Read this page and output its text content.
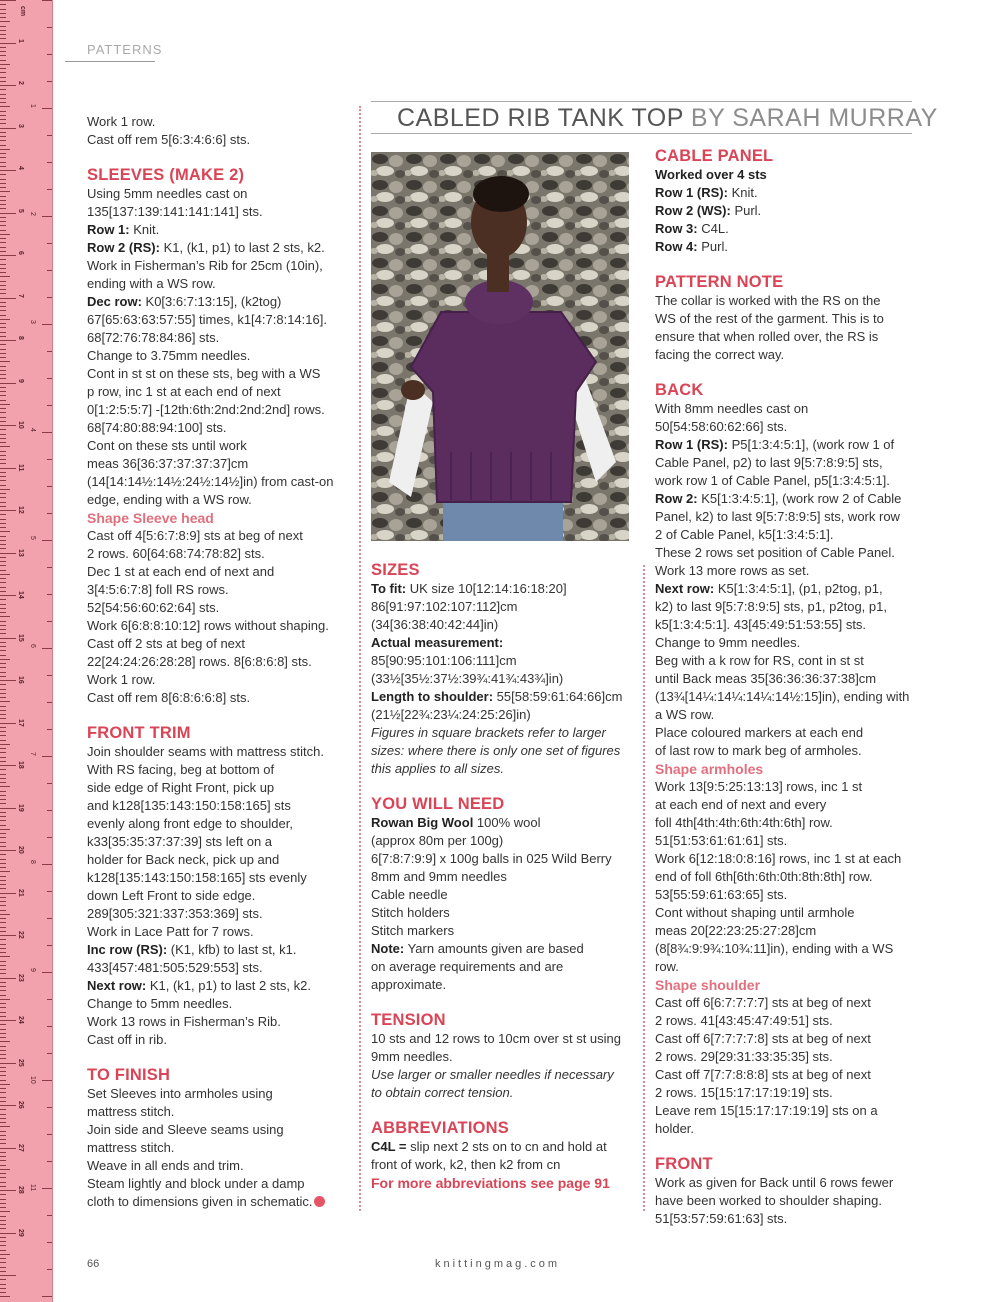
cm
1
2
3
4
5
6
7
8
9
10
11
12
13
14
15
16
17
18
19
20
21
22
23
24
25
26
27
28
29
1
2
3
4
5
6
7
8
9
10
11
PATTERNS
CABLED RIB TANK TOP BY SARAH MURRAY

Work 1 row.

Cast off rem 5[6:3:4:6:6] sts.

SLEEVES (MAKE 2)

Using 5mm needles cast on

135[137:139:141:141:141] sts.

Row 1: Knit.

Row 2 (RS): K1, (k1, p1) to last 2 sts, k2.

Work in Fisherman’s Rib for 25cm (10in),

ending with a WS row.

Dec row: K0[3:6:7:13:15], (k2tog)

67[65:63:63:57:55] times, k1[4:7:8:14:16].

68[72:76:78:84:86] sts.

Change to 3.75mm needles.

Cont in st st on these sts, beg with a WS

p row, inc 1 st at each end of next

0[1:2:5:5:7] -[12th:6th:2nd:2nd:2nd] rows.

68[74:80:88:94:100] sts.

Cont on these sts until work

meas 36[36:37:37:37:37]cm

(14[14:14½:14½:24½:14½]in) from cast-on

edge, ending with a WS row.

Shape Sleeve head

Cast off 4[5:6:7:8:9] sts at beg of next

2 rows. 60[64:68:74:78:82] sts.

Dec 1 st at each end of next and

3[4:5:6:7:8] foll RS rows.

52[54:56:60:62:64] sts.

Work 6[6:8:8:10:12] rows without shaping.

Cast off 2 sts at beg of next

22[24:24:26:28:28] rows. 8[6:8:6:8] sts.

Work 1 row.

Cast off rem 8[6:8:6:6:8] sts.

FRONT TRIM

Join shoulder seams with mattress stitch.

With RS facing, beg at bottom of

side edge of Right Front, pick up

and k128[135:143:150:158:165] sts

evenly along front edge to shoulder,

k33[35:35:37:37:39] sts left on a

holder for Back neck, pick up and

k128[135:143:150:158:165] sts evenly

down Left Front to side edge.

289[305:321:337:353:369] sts.

Work in Lace Patt for 7 rows.

Inc row (RS): (K1, kfb) to last st, k1.

433[457:481:505:529:553] sts.

Next row: K1, (k1, p1) to last 2 sts, k2.

Change to 5mm needles.

Work 13 rows in Fisherman’s Rib.

Cast off in rib.

TO FINISH

Set Sleeves into armholes using

mattress stitch.

Join side and Sleeve seams using

mattress stitch.

Weave in all ends and trim.

Steam lightly and block under a damp

cloth to dimensions given in schematic.

SIZES

To fit: UK size 10[12:14:16:18:20]

86[91:97:102:107:112]cm

(34[36:38:40:42:44]in)

Actual measurement:

85[90:95:101:106:111]cm

(33½[35½:37½:39¾:41¾:43¾]in)

Length to shoulder: 55[58:59:61:64:66]cm

(21½[22¾:23¼:24:25:26]in)

Figures in square brackets refer to larger

sizes: where there is only one set of figures

this applies to all sizes.

YOU WILL NEED

Rowan Big Wool 100% wool

(approx 80m per 100g)

6[7:8:7:9:9] x 100g balls in 025 Wild Berry

8mm and 9mm needles

Cable needle

Stitch holders

Stitch markers

Note: Yarn amounts given are based

on average requirements and are

approximate.

TENSION

10 sts and 12 rows to 10cm over st st using

9mm needles.

Use larger or smaller needles if necessary

to obtain correct tension.

ABBREVIATIONS

C4L = slip next 2 sts on to cn and hold at

front of work, k2, then k2 from cn

For more abbreviations see page 91

CABLE PANEL

Worked over 4 sts

Row 1 (RS): Knit.

Row 2 (WS): Purl.

Row 3: C4L.

Row 4: Purl.

PATTERN NOTE

The collar is worked with the RS on the

WS of the rest of the garment. This is to

ensure that when rolled over, the RS is

facing the correct way.

BACK

With 8mm needles cast on

50[54:58:60:62:66] sts.

Row 1 (RS): P5[1:3:4:5:1], (work row 1 of

Cable Panel, p2) to last 9[5:7:8:9:5] sts,

work row 1 of Cable Panel, p5[1:3:4:5:1].

Row 2: K5[1:3:4:5:1], (work row 2 of Cable

Panel, k2) to last 9[5:7:8:9:5] sts, work row

2 of Cable Panel, k5[1:3:4:5:1].

These 2 rows set position of Cable Panel.

Work 13 more rows as set.

Next row: K5[1:3:4:5:1], (p1, p2tog, p1,

k2) to last 9[5:7:8:9:5] sts, p1, p2tog, p1,

k5[1:3:4:5:1]. 43[45:49:51:53:55] sts.

Change to 9mm needles.

Beg with a k row for RS, cont in st st

until Back meas 35[36:36:36:37:38]cm

(13¾[14¼:14¼:14¼:14½:15]in), ending with

a WS row.

Place coloured markers at each end

of last row to mark beg of armholes.

Shape armholes

Work 13[9:5:25:13:13] rows, inc 1 st

at each end of next and every

foll 4th[4th:4th:6th:4th:6th] row.

51[51:53:61:61:61] sts.

Work 6[12:18:0:8:16] rows, inc 1 st at each

end of foll 6th[6th:6th:0th:8th:8th] row.

53[55:59:61:63:65] sts.

Cont without shaping until armhole

meas 20[22:23:25:27:28]cm

(8[8¾:9:9¾:10¾:11]in), ending with a WS row.

Shape shoulder

Cast off 6[6:7:7:7:7] sts at beg of next

2 rows. 41[43:45:47:49:51] sts.

Cast off 6[7:7:7:7:8] sts at beg of next

2 rows. 29[29:31:33:35:35] sts.

Cast off 7[7:7:8:8:8] sts at beg of next

2 rows. 15[15:17:17:19:19] sts.

Leave rem 15[15:17:17:19:19] sts on a holder.

FRONT

Work as given for Back until 6 rows fewer

have been worked to shoulder shaping.

51[53:57:59:61:63] sts.

66	knittingmag.com
